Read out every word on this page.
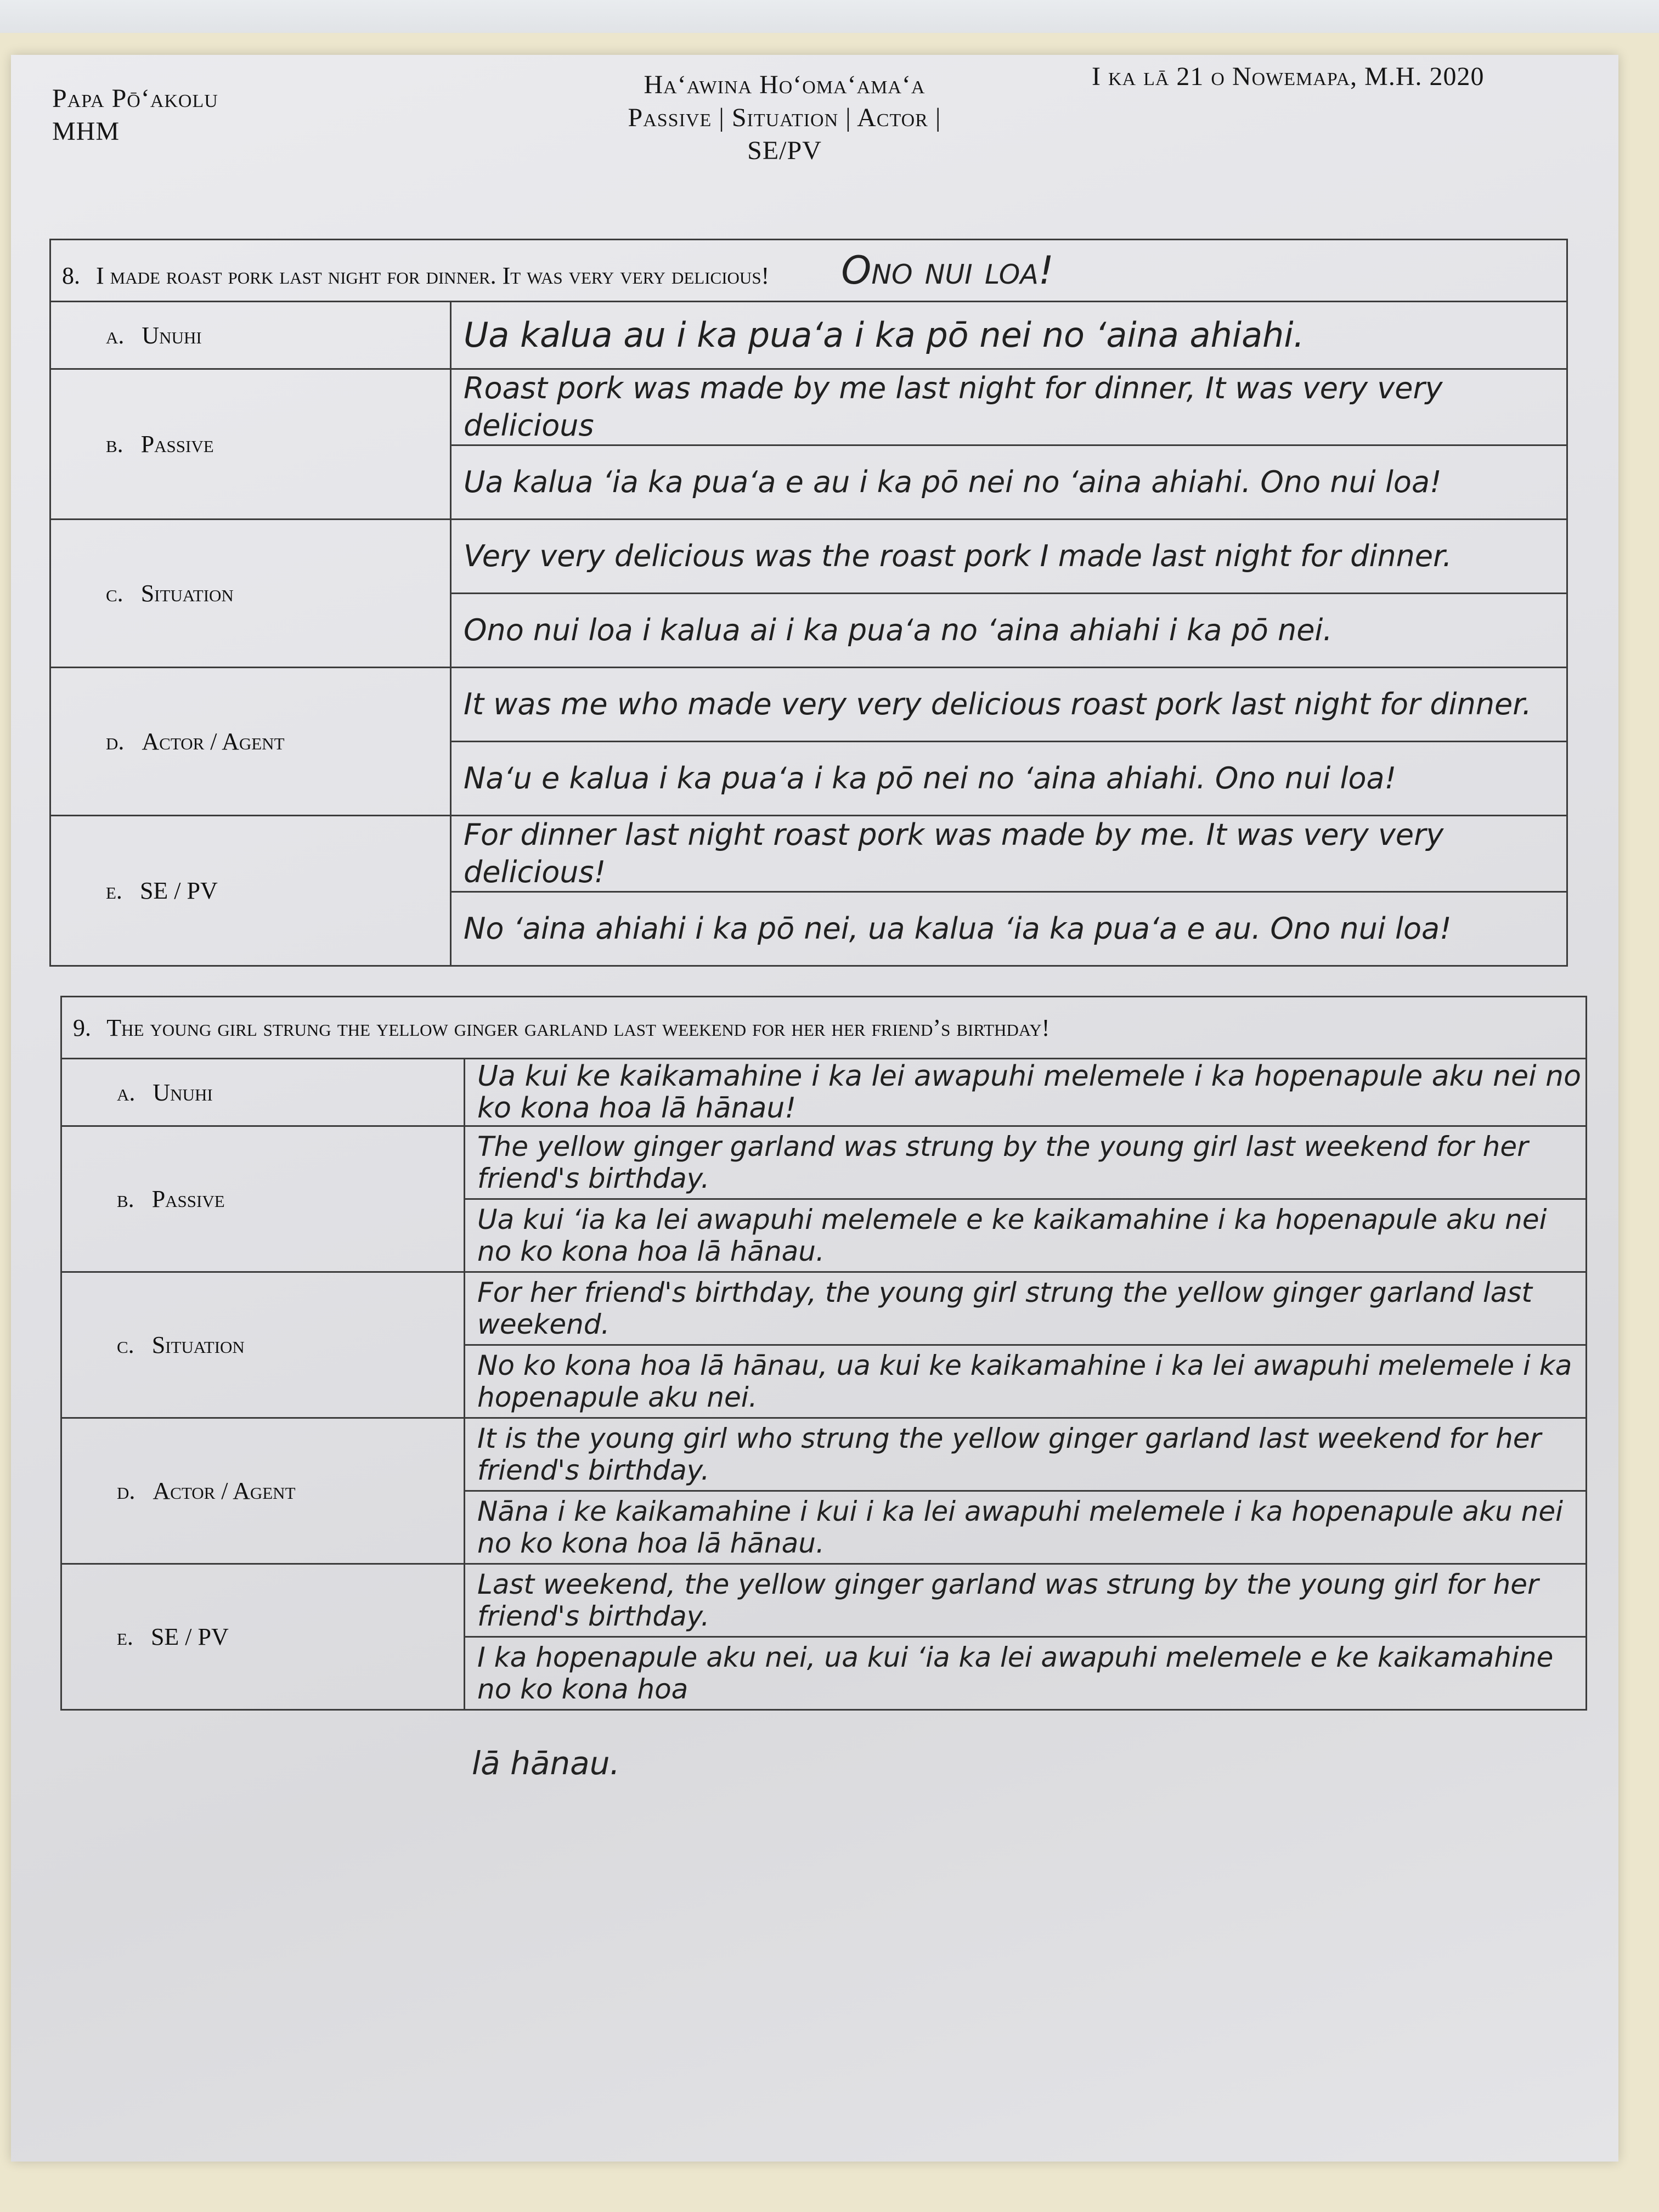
Papa Pōʻakolu
MHM
Haʻawina Hoʻomaʻamaʻa
Passive | Situation | Actor | SE/PV
I ka lā 21 o Nowemapa, M.H. 2020
8. I made roast pork last night for dinner. It was very very delicious! Ono nui loa!	
a. Unuhi	Ua kalua au i ka puaʻa i ka pō nei no ʻaina ahiahi.
b. Passive	Roast pork was made by me last night for dinner, It was very very delicious
	Ua kalua ʻia ka puaʻa e au i ka pō nei no ʻaina ahiahi. Ono nui loa!
c. Situation	Very very delicious was the roast pork I made last night for dinner.
	Ono nui loa i kalua ai i ka puaʻa no ʻaina ahiahi i ka pō nei.
d. Actor / Agent	It was me who made very very delicious roast pork last night for dinner.
	Naʻu e kalua i ka puaʻa i ka pō nei no ʻaina ahiahi. Ono nui loa!
e. SE / PV	For dinner last night roast pork was made by me. It was very very delicious!
	No ʻaina ahiahi i ka pō nei, ua kalua ʻia ka puaʻa e au. Ono nui loa!
9. The young girl strung the yellow ginger garland last weekend for her her friend’s birthday!	
a. Unuhi	Ua kui ke kaikamahine i ka lei awapuhi melemele i ka hopenapule aku nei no ko kona hoa lā hānau!
b. Passive	The yellow ginger garland was strung by the young girl last weekend for her friend's birthday.
	Ua kui ʻia ka lei awapuhi melemele e ke kaikamahine i ka hopenapule aku nei no ko kona hoa lā hānau.
c. Situation	For her friend's birthday, the young girl strung the yellow ginger garland last weekend.
	No ko kona hoa lā hānau, ua kui ke kaikamahine i ka lei awapuhi melemele i ka hopenapule aku nei.
d. Actor / Agent	It is the young girl who strung the yellow ginger garland last weekend for her friend's birthday.
	Nāna i ke kaikamahine i kui i ka lei awapuhi melemele i ka hopenapule aku nei no ko kona hoa lā hānau.
e. SE / PV	Last weekend, the yellow ginger garland was strung by the young girl for her friend's birthday.
	I ka hopenapule aku nei, ua kui ʻia ka lei awapuhi melemele e ke kaikamahine no ko kona hoa
lā hānau.
